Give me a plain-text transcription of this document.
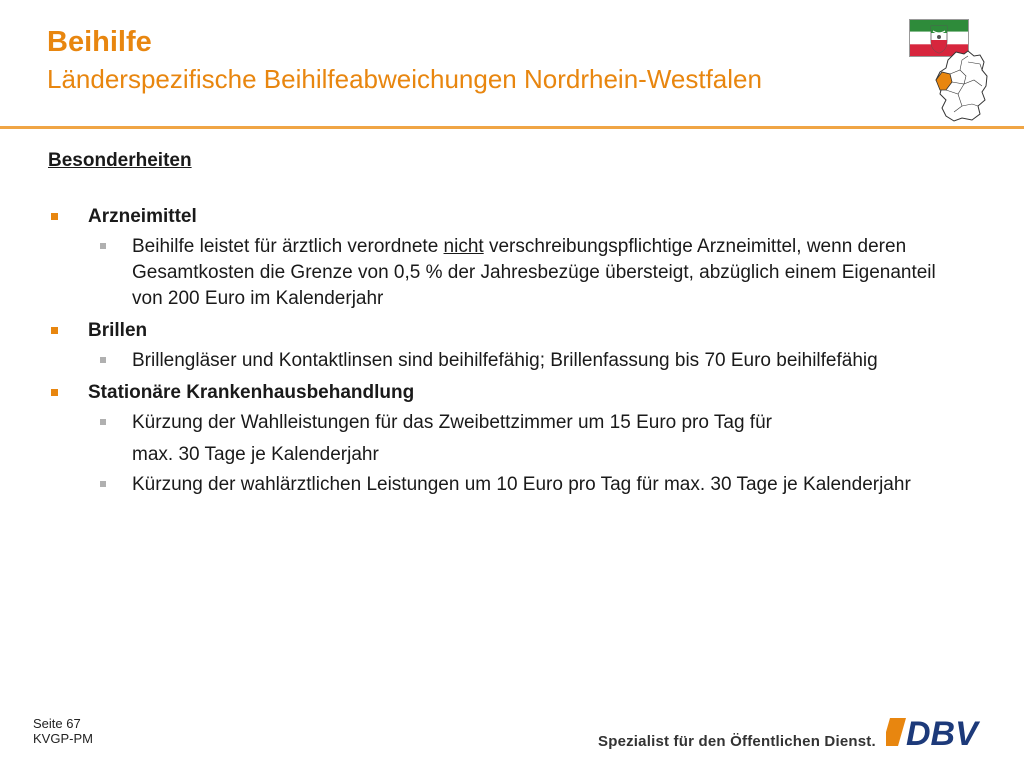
Beihilfe
Länderspezifische Beihilfeabweichungen Nordrhein-Westfalen
Besonderheiten
Arzneimittel
Beihilfe leistet für ärztlich verordnete nicht verschreibungspflichtige Arzneimittel, wenn deren Gesamtkosten die Grenze von 0,5 % der Jahresbezüge übersteigt, abzüglich einem Eigenanteil von 200 Euro im Kalenderjahr
Brillen
Brillengläser und Kontaktlinsen sind beihilfefähig; Brillenfassung bis 70 Euro beihilfefähig
Stationäre Krankenhausbehandlung
Kürzung der Wahlleistungen für das Zweibettzimmer um 15 Euro pro Tag für
max. 30 Tage je Kalenderjahr
Kürzung der wahlärztlichen Leistungen um 10 Euro pro Tag für max. 30 Tage je Kalenderjahr
Seite 67
KVGP-PM	Spezialist für den Öffentlichen Dienst. DBV
